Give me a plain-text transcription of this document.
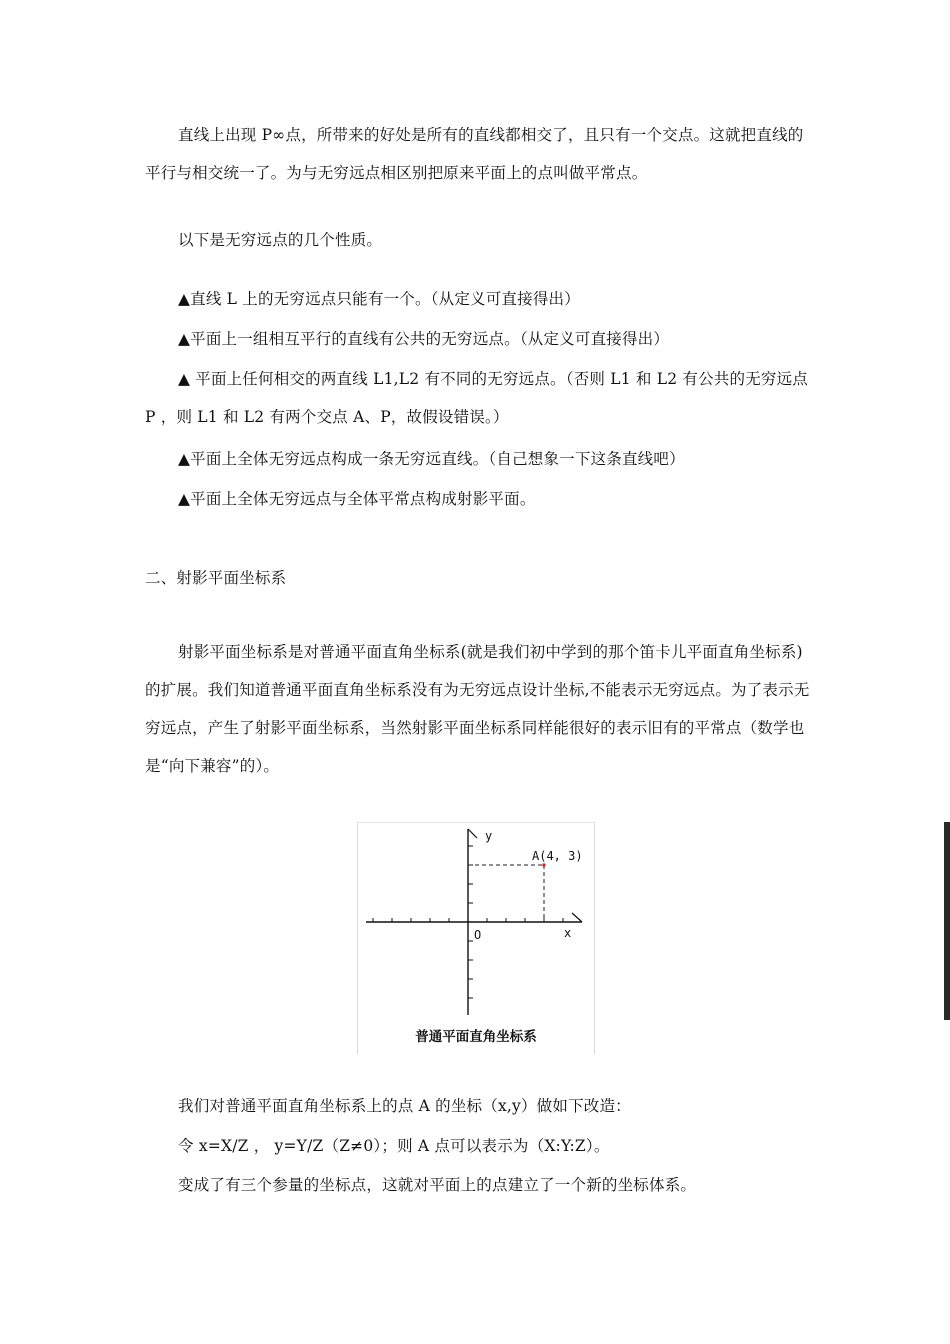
直线上出现 P∞点，所带来的好处是所有的直线都相交了，且只有一个交点。这就把直线的平行与相交统一了。为与无穷远点相区别把原来平面上的点叫做平常点。

以下是无穷远点的几个性质。

▲直线 L 上的无穷远点只能有一个。（从定义可直接得出）

▲平面上一组相互平行的直线有公共的无穷远点。（从定义可直接得出）

▲ 平面上任何相交的两直线 L1,L2 有不同的无穷远点。（否则 L1 和 L2 有公共的无穷远点 P ，则 L1 和 L2 有两个交点 A、P，故假设错误。）

▲平面上全体无穷远点构成一条无穷远直线。（自己想象一下这条直线吧）

▲平面上全体无穷远点与全体平常点构成射影平面。

二、射影平面坐标系

射影平面坐标系是对普通平面直角坐标系(就是我们初中学到的那个笛卡儿平面直角坐标系)的扩展。我们知道普通平面直角坐标系没有为无穷远点设计坐标,不能表示无穷远点。为了表示无穷远点，产生了射影平面坐标系，当然射影平面坐标系同样能很好的表示旧有的平常点（数学也是“向下兼容”的）。

y
A(4, 3)
O	x
普通平面直角坐标系

我们对普通平面直角坐标系上的点 A 的坐标（x,y）做如下改造：

令 x=X/Z ， y=Y/Z（Z≠0）；则 A 点可以表示为（X:Y:Z）。

变成了有三个参量的坐标点，这就对平面上的点建立了一个新的坐标体系。
